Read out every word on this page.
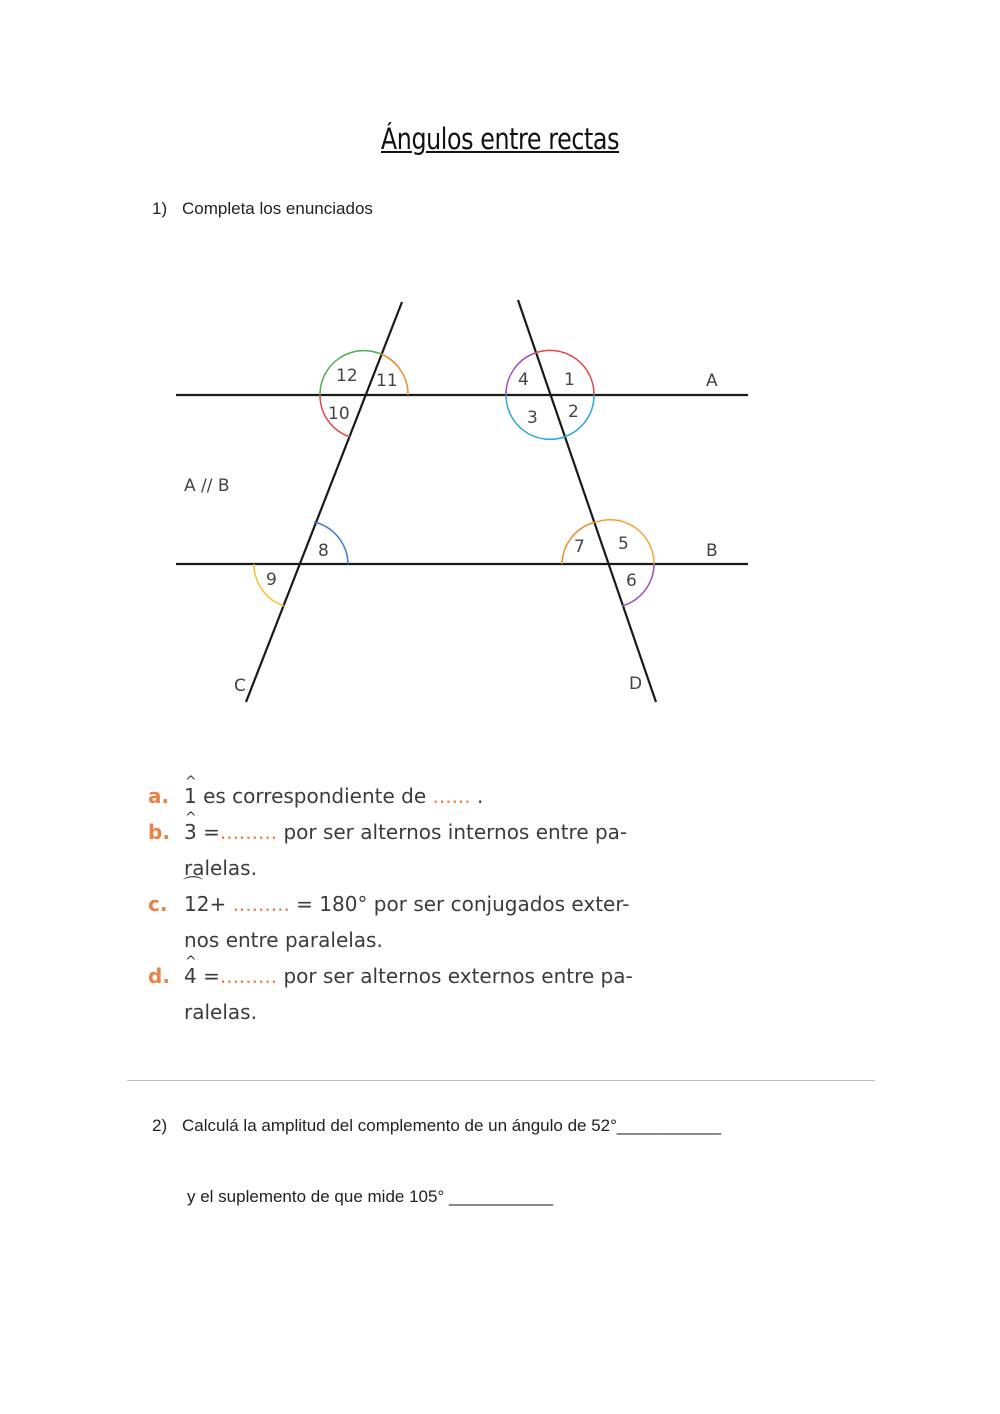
Ángulos entre rectas
1) Completa los enunciados
12 11
10
4 1
3 2
8
9
7 5
6
A
B
C	D
A // B
a. ^ 1 es correspondiente de ...... .
b. ^ 3 =......... por ser alternos internos entre pa-
ralelas.
c. ⌒ 12+ ......... = 180° por ser conjugados exter-
nos entre paralelas.
d. ^ 4 =......... por ser alternos externos entre pa-
ralelas.
2) Calculá la amplitud del complemento de un ángulo de 52°___________
y el suplemento de que mide 105° ___________
